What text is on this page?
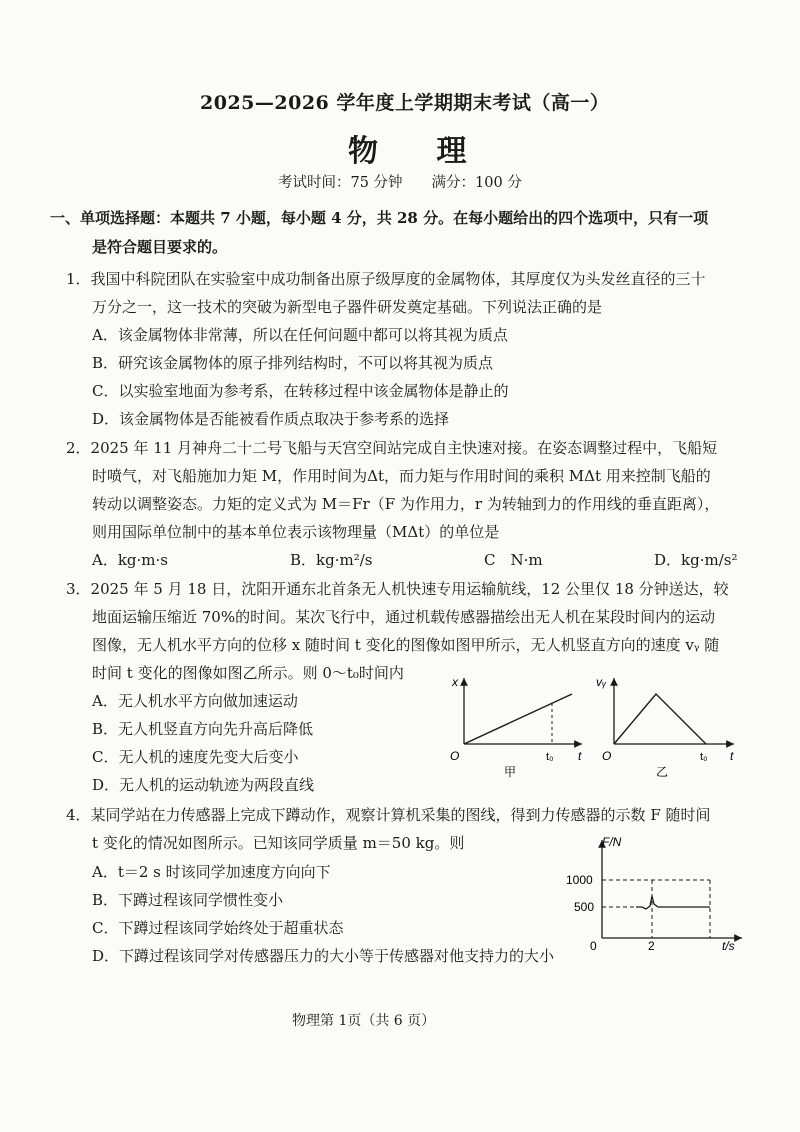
2025—2026 学年度上学期期末考试（高一）
物 理
考试时间：75 分钟　　满分：100 分
一、单项选择题：本题共 7 小题，每小题 4 分，共 28 分。在每小题给出的四个选项中，只有一项
是符合题目要求的。
1．我国中科院团队在实验室中成功制备出原子级厚度的金属物体，其厚度仅为头发丝直径的三十
万分之一，这一技术的突破为新型电子器件研发奠定基础。下列说法正确的是
A．该金属物体非常薄，所以在任何问题中都可以将其视为质点
B．研究该金属物体的原子排列结构时，不可以将其视为质点
C．以实验室地面为参考系，在转移过程中该金属物体是静止的
D．该金属物体是否能被看作质点取决于参考系的选择
2．2025 年 11 月神舟二十二号飞船与天宫空间站完成自主快速对接。在姿态调整过程中，飞船短
时喷气，对飞船施加力矩 M，作用时间为Δt，而力矩与作用时间的乘积 MΔt 用来控制飞船的
转动以调整姿态。力矩的定义式为 M＝Fr（F 为作用力，r 为转轴到力的作用线的垂直距离），
则用国际单位制中的基本单位表示该物理量（MΔt）的单位是
A．kg·m·s	B．kg·m²/s	C　N·m	D．kg·m/s²
3．2025 年 5 月 18 日，沈阳开通东北首条无人机快速专用运输航线，12 公里仅 18 分钟送达，较
地面运输压缩近 70%的时间。某次飞行中，通过机载传感器描绘出无人机在某段时间内的运动
图像，无人机水平方向的位移 x 随时间 t 变化的图像如图甲所示，无人机竖直方向的速度 vᵧ 随
时间 t 变化的图像如图乙所示。则 0～t₀时间内
A．无人机水平方向做加速运动
B．无人机竖直方向先升高后降低
C．无人机的速度先变大后变小
D．无人机的运动轨迹为两段直线
x
t
O	t₀
甲
vᵧ
t
O	t₀
乙
4．某同学站在力传感器上完成下蹲动作，观察计算机采集的图线，得到力传感器的示数 F 随时间
t 变化的情况如图所示。已知该同学质量 m＝50 kg。则
A．t＝2 s 时该同学加速度方向向下
B．下蹲过程该同学惯性变小
C．下蹲过程该同学始终处于超重状态
D．下蹲过程该同学对传感器压力的大小等于传感器对他支持力的大小
F/N
1000
500
0	2	t/s
物理第 1页（共 6 页）
